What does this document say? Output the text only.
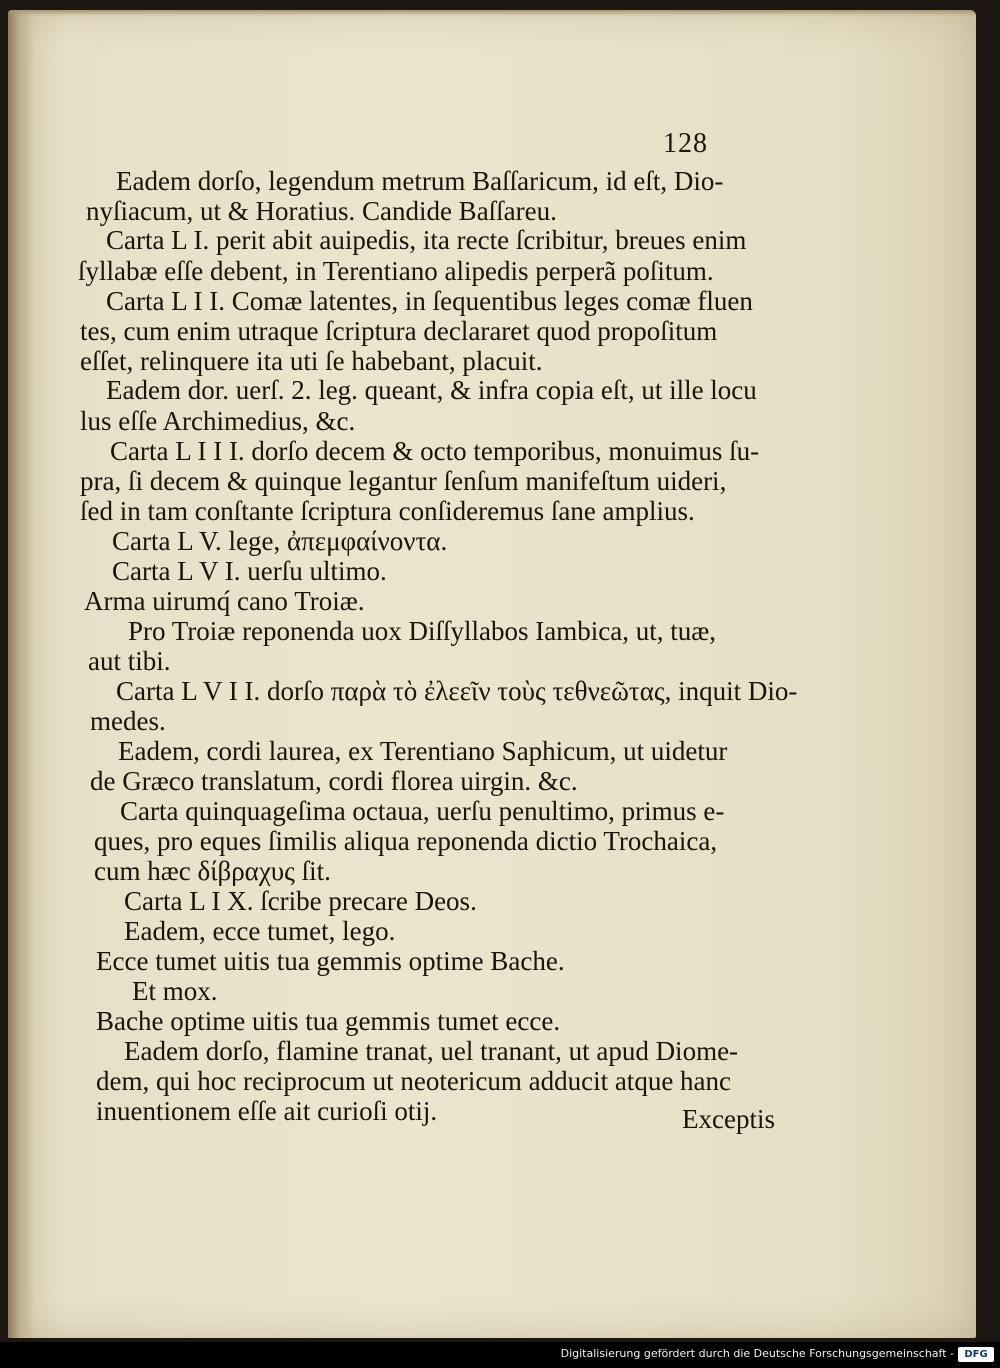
128
Eadem dorſo, legendum metrum Baſſaricum, id eſt, Dio-
nyſiacum, ut & Horatius. Candide Baſſareu.
Carta L I. perit abit auipedis, ita recte ſcribitur, breues enim
ſyllabæ eſſe debent, in Terentiano alipedis perperã poſitum.
Carta L I I. Comæ latentes, in ſequentibus leges comæ fluen
tes, cum enim utraque ſcriptura declararet quod propoſitum
eſſet, relinquere ita uti ſe habebant, placuit.
Eadem dor. uerſ. 2. leg. queant, & infra copia eſt, ut ille locu
lus eſſe Archimedius, &c.
Carta L I I I. dorſo decem & octo temporibus, monuimus ſu-
pra, ſi decem & quinque legantur ſenſum manifeſtum uideri,
ſed in tam conſtante ſcriptura conſideremus ſane amplius.
Carta L V. lege, ἀπεμφαίνοντα.
Carta L V I. uerſu ultimo.
Arma uirumq́ cano Troiæ.
Pro Troiæ reponenda uox Diſſyllabos Iambica, ut, tuæ,
aut tibi.
Carta L V I I. dorſo παρὰ τὸ ἐλεεῖν τοὺς τεθνεῶτας, inquit Dio-
medes.
Eadem, cordi laurea, ex Terentiano Saphicum, ut uidetur
de Græco translatum, cordi florea uirgin. &c.
Carta quinquageſima octaua, uerſu penultimo, primus e-
ques, pro eques ſimilis aliqua reponenda dictio Trochaica,
cum hæc δίβραχυς ſit.
Carta L I X. ſcribe precare Deos.
Eadem, ecce tumet, lego.
Ecce tumet uitis tua gemmis optime Bache.
Et mox.
Bache optime uitis tua gemmis tumet ecce.
Eadem dorſo, flamine tranat, uel tranant, ut apud Diome-
dem, qui hoc reciprocum ut neotericum adducit atque hanc
inuentionem eſſe ait curioſi otij.	Exceptis
Digitalisierung gefördert durch die Deutsche Forschungsgemeinschaft -	DFG
